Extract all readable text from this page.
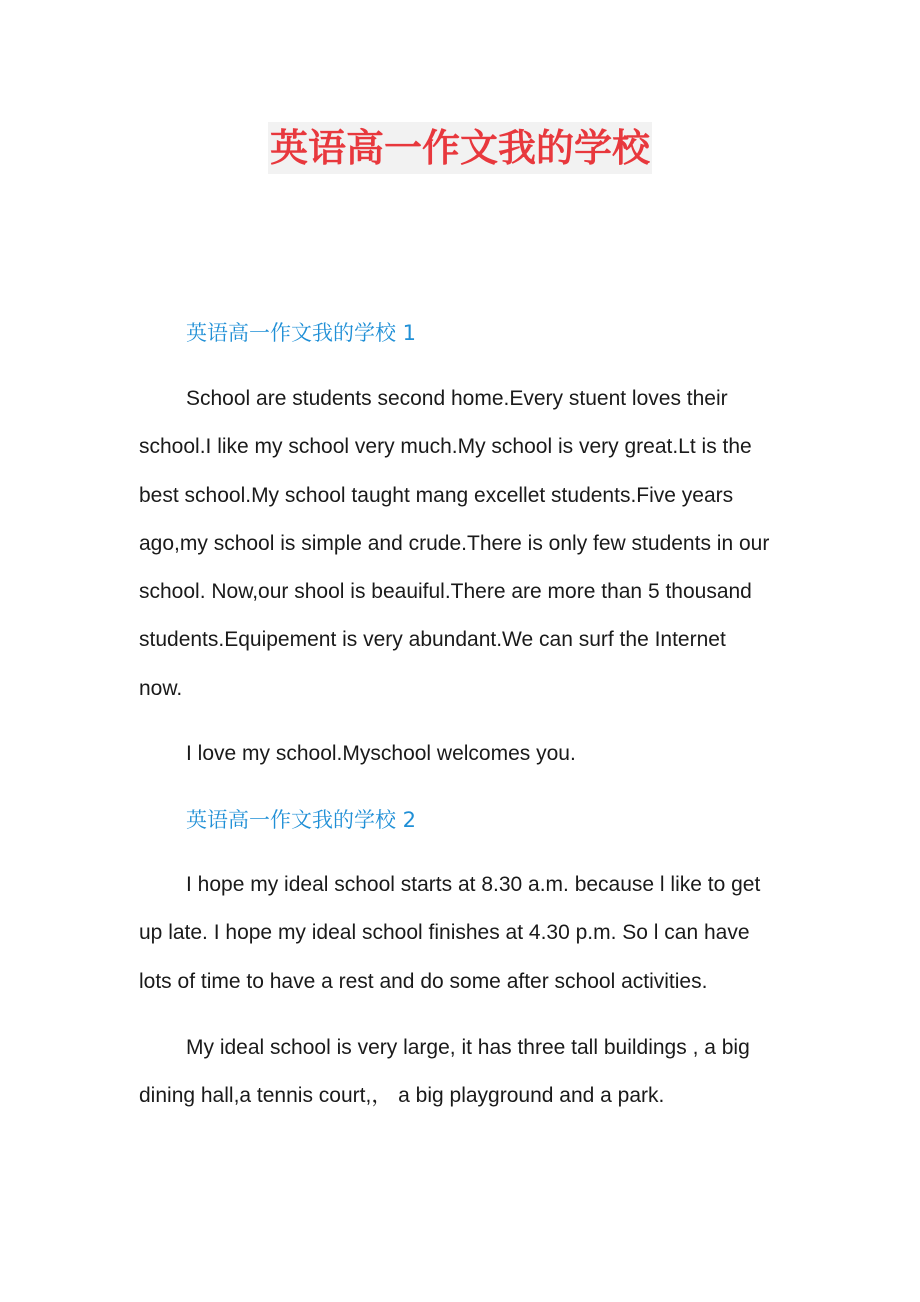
英语高一作文我的学校
英语高一作文我的学校 1
School are students second home.Every stuent loves their
school.I like my school very much.My school is very great.Lt is the
best school.My school taught mang excellet students.Five years
ago,my school is simple and crude.There is only few students in our
school. Now,our shool is beauiful.There are more than 5 thousand
students.Equipement is very abundant.We can surf the Internet
now.
I love my school.Myschool welcomes you.
英语高一作文我的学校 2
I hope my ideal school starts at 8.30 a.m. because l like to get
up late. I hope my ideal school finishes at 4.30 p.m. So l can have
lots of time to have a rest and do some after school activities.
My ideal school is very large, it has three tall buildings , a big
dining hall,a tennis court,， a big playground and a park.
